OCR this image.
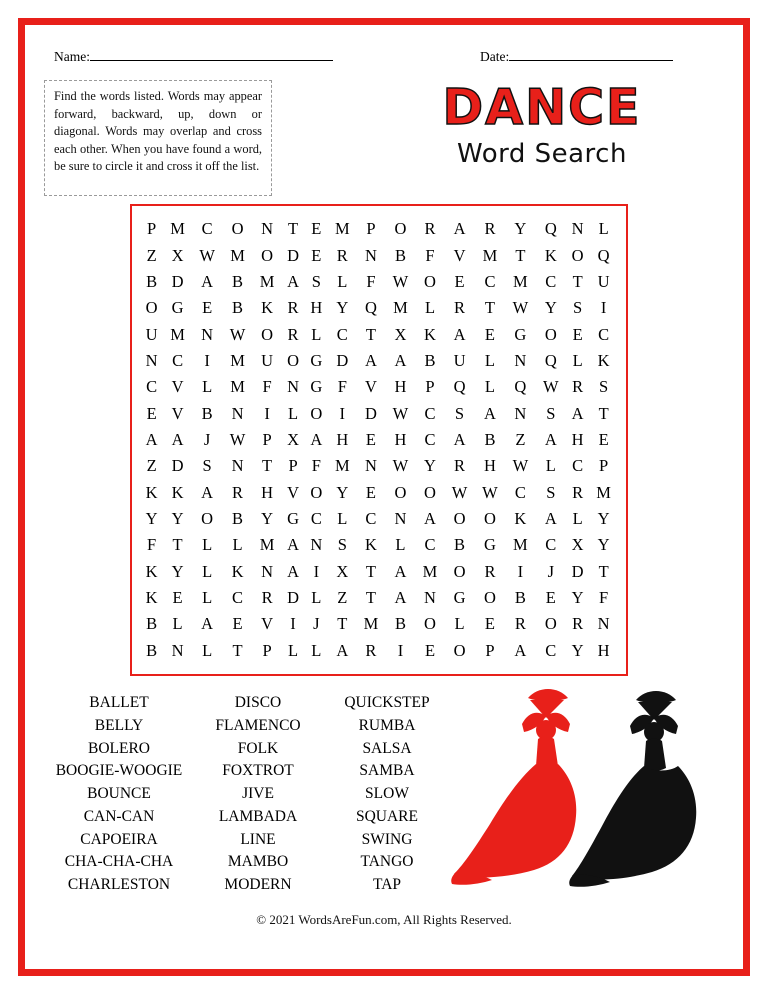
Name:	Date:
Find the words listed. Words may appear forward, backward, up, down or diagonal. Words may overlap and cross each other. When you have found a word, be sure to circle it and cross it off the list.
DANCE
Word Search
P	M	C	O	N	T	E	M	P	O	R	A	R	Y	Q	N	L
Z	X	W	M	O	D	E	R	N	B	F	V	M	T	K	O	Q
B	D	A	B	M	A	S	L	F	W	O	E	C	M	C	T	U
O	G	E	B	K	R	H	Y	Q	M	L	R	T	W	Y	S	I
U	M	N	W	O	R	L	C	T	X	K	A	E	G	O	E	C
N	C	I	M	U	O	G	D	A	A	B	U	L	N	Q	L	K
C	V	L	M	F	N	G	F	V	H	P	Q	L	Q	W	R	S
E	V	B	N	I	L	O	I	D	W	C	S	A	N	S	A	T
A	A	J	W	P	X	A	H	E	H	C	A	B	Z	A	H	E
Z	D	S	N	T	P	F	M	N	W	Y	R	H	W	L	C	P
K	K	A	R	H	V	O	Y	E	O	O	W	W	C	S	R	M
Y	Y	O	B	Y	G	C	L	C	N	A	O	O	K	A	L	Y
F	T	L	L	M	A	N	S	K	L	C	B	G	M	C	X	Y
K	Y	L	K	N	A	I	X	T	A	M	O	R	I	J	D	T
K	E	L	C	R	D	L	Z	T	A	N	G	O	B	E	Y	F
B	L	A	E	V	I	J	T	M	B	O	L	E	R	O	R	N
B	N	L	T	P	L	L	A	R	I	E	O	P	A	C	Y	H
BALLET
BELLY
BOLERO
BOOGIE-WOOGIE
BOUNCE
CAN-CAN
CAPOEIRA
CHA-CHA-CHA
CHARLESTON
DISCO
FLAMENCO
FOLK
FOXTROT
JIVE
LAMBADA
LINE
MAMBO
MODERN
QUICKSTEP
RUMBA
SALSA
SAMBA
SLOW
SQUARE
SWING
TANGO
TAP
© 2021 WordsAreFun.com, All Rights Reserved.
